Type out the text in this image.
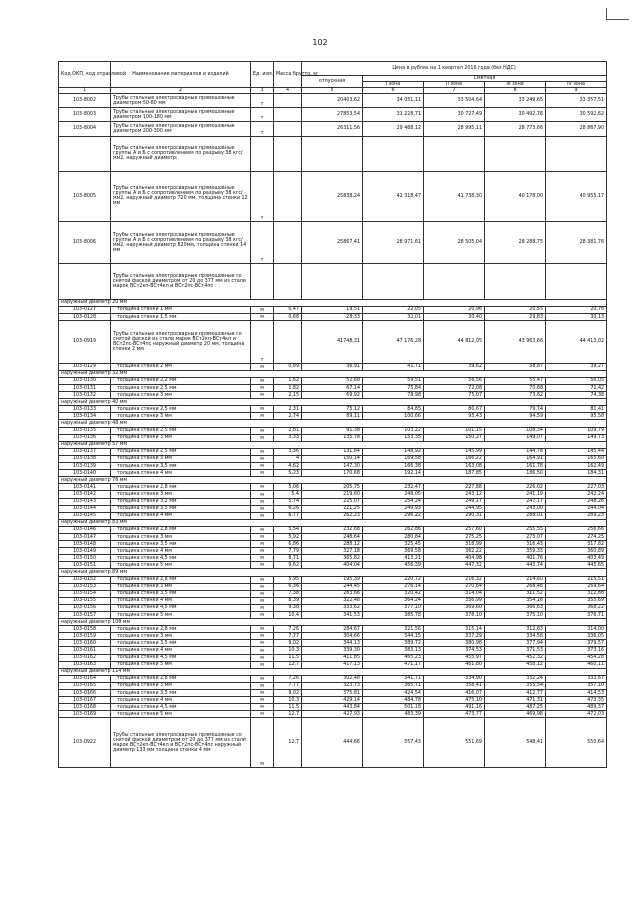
102
Код ОКП, код отраслевой	Наименование материалов и изделий	Ед. изм.	Масса брутто, кг	Цена в рублях на 1 квартал 2016 года (без НДС)				
				отпускная	Сметная			
					I зона	II зона	III зона	IV зона
1	2	3	4	5	6	7	8	9
103-8002	Трубы стальные электросварные прямошовные диаметром 50-80 мм	т		20403,62	34 051,11	33 504,64	33 249,65	33 357,51
103-8003	Трубы стальные электросварные прямошовные диаметром 100-180 мм	т		27853,54	31 228,71	30 727,49	30 492,76	30 592,62
103-8004	Трубы стальные электросварные прямошовные диаметром 200-300 мм	т		26311,56	29 468,12	28 995,11	28 773,66	28 867,90
	Трубы стальные электросварные прямошовные группы А и Б с сопротивлением по разрыву 38 кгс/мм2, наружный диаметр:							
103-8005	Трубы стальные электросварные прямошовные группы А и Б с сопротивлением по разрыву 38 кгс/мм2, наружный диаметр 720 мм, толщина стенки 12 мм	т		25838,24	42 318,47	41 738,30	40 178,00	40 955,17
103-8006	Трубы стальные электросварные прямошовные группы А и Б с сопротивлением по разрыву 38 кгс/мм2, наружный диаметр 820мм, толщина стенки 14 мм	т		25867,41	28 971,61	28 505,04	28 288,75	28 381,76
	Трубы стальные электросварные прямошовные со снятой фаской диаметром от 20 до 377 мм из стали марок ВСт2кп-ВСт4кп и ВСт2пс-ВСт4пс							
наружный диаметр 20 мм								
103-0127	толщина стенки 1 мм	м	0,47	19,51	22,05	20,96	20,55	20,76
103-0128	толщина стенки 1,5 мм	м	0,68	28,33	32,01	30,40	29,83	30,13
103-0919	Трубы стальные электросварные прямошовные со снятой фаской из стали марок ВСт2кп-ВСт4кп и ВСт2пс-ВСт4пс наружный диаметр 20 мм, толщина стенки 2 мм	т		41748,31	47 176,28	44 812,05	43 963,66	44 413,02
103-0129	толщина стенки 2 мм	м	0,89	36,91	41,71	39,62	38,87	39,27
наружный диаметр 32 мм								
103-0130	толщина стенки 2,2 мм	м	1,62	52,68	59,51	56,56	55,47	56,05
103-0131	толщина стенки 2,5 мм	м	1,82	67,14	75,84	72,08	70,68	71,42
103-0132	толщина стенки 3 мм	м	2,15	69,92	78,98	75,07	73,62	74,38
наружный диаметр 40 мм								
103-0133	толщина стенки 2,5 мм	м	2,31	75,12	84,85	80,67	79,74	81,41
103-0134	толщина стенки 3 мм	м	2,74	89,11	100,66	95,43	94,59	95,58
наружный диаметр 48 мм								
103-0135	толщина стенки 2,5 мм	м	2,81	91,38	103,22	101,15	108,34	109,79
103-0136	толщина стенки 3 мм	м	3,33	135,78	153,35	150,27	149,07	149,73
наружный диаметр 57 мм								
103-0137	толщина стенки 2,5 мм	м	3,36	131,84	148,92	145,99	144,78	145,44
103-0138	толщина стенки 3 мм	м	4	150,14	169,58	166,22	164,91	165,60
103-0139	толщина стенки 3,5 мм	м	4,62	147,30	166,38	163,08	161,78	162,49
103-0140	толщина стенки 4 мм	м	5,23	170,68	192,14	187,85	186,50	184,31
наружный диаметр 76 мм								
103-0141	толщина стенки 2,8 мм	м	5,06	205,75	232,47	227,88	226,02	227,03
103-0142	толщина стенки 3 мм	м	5,4	219,60	248,05	243,12	241,19	242,24
103-0143	толщина стенки 3,2 мм	м	5,74	225,07	254,24	249,17	247,17	248,26
103-0144	толщина стенки 3,5 мм	м	6,26	221,25	249,93	244,95	243,00	244,04
103-0145	толщина стенки 4 мм	м	6,77	262,23	296,22	290,31	288,01	289,23
наружный диаметр 83 мм								
103-0146	толщина стенки 2,8 мм	м	5,54	232,68	262,86	257,60	255,55	256,66
103-0147	толщина стенки 3 мм	м	5,92	248,64	280,84	275,25	273,07	274,25
103-0148	толщина стенки 3,5 мм	м	6,86	288,12	325,45	318,99	316,43	317,82
103-0149	толщина стенки 4 мм	м	7,79	327,18	369,58	362,22	359,33	360,89
103-0150	толщина стенки 4,5 мм	м	8,71	365,82	413,21	404,98	401,76	403,49
103-0151	толщина стенки 5 мм	м	9,62	404,04	456,39	447,32	443,74	445,65
наружный диаметр 89 мм								
103-0152	толщина стенки 2,8 мм	м	5,95	195,39	220,72	216,32	214,60	215,51
103-0153	толщина стенки 3 мм	м	6,36	244,45	276,14	270,64	268,48	269,64
103-0154	толщина стенки 3,5 мм	м	7,38	283,66	320,42	314,04	311,52	312,88
103-0155	толщина стенки 4 мм	м	8,39	322,48	364,24	356,99	354,16	355,69
103-0156	толщина стенки 4,5 мм	м	9,38	333,62	377,10	369,60	366,63	368,22
103-0157	толщина стенки 5 мм	м	10,4	341,53	385,78	378,10	375,10	376,71
наружный диаметр 108 мм								
103-0158	толщина стенки 2,8 мм	м	7,26	284,67	321,56	315,14	312,63	314,00
103-0159	толщина стенки 3 мм	м	7,77	304,66	344,15	337,29	334,58	336,05
103-0160	толщина стенки 3,5 мм	м	9,02	344,13	389,72	380,98	377,94	379,57
103-0161	толщина стенки 4 мм	м	10,3	339,30	383,13	374,53	371,53	373,16
103-0162	толщина стенки 4,5 мм	м	11,5	411,85	465,23	455,97	452,32	454,28
103-0163	толщина стенки 5 мм	м	12,7	417,13	471,17	461,80	458,12	460,11
наружный диаметр 114 мм								
103-0164	толщина стенки 2,8 мм	м	7,26	302,48	341,71	334,90	332,24	333,67
103-0165	толщина стенки 3 мм	м	7,77	323,73	365,71	358,41	355,54	357,10
103-0166	толщина стенки 3,5 мм	м	9,02	375,81	424,54	416,07	412,77	414,53
103-0167	толщина стенки 4 мм	м	10,3	429,14	484,78	475,10	471,31	473,35
103-0168	толщина стенки 4,5 мм	м	11,5	443,84	501,18	491,16	487,25	489,37
103-0169	толщина стенки 5 мм	м	12,7	427,93	483,39	473,77	469,98	472,03
103-0922	Трубы стальные электросварные прямошовные со снятой фаской диаметром от 20 до 377 мм из стали марок ВСт2кп-ВСт4кп и ВСт2пс-ВСт4пс наружный диаметр 133 мм толщина стенки 4 мм	м	12,7	444,66	557,43	551,69	548,41	550,64
